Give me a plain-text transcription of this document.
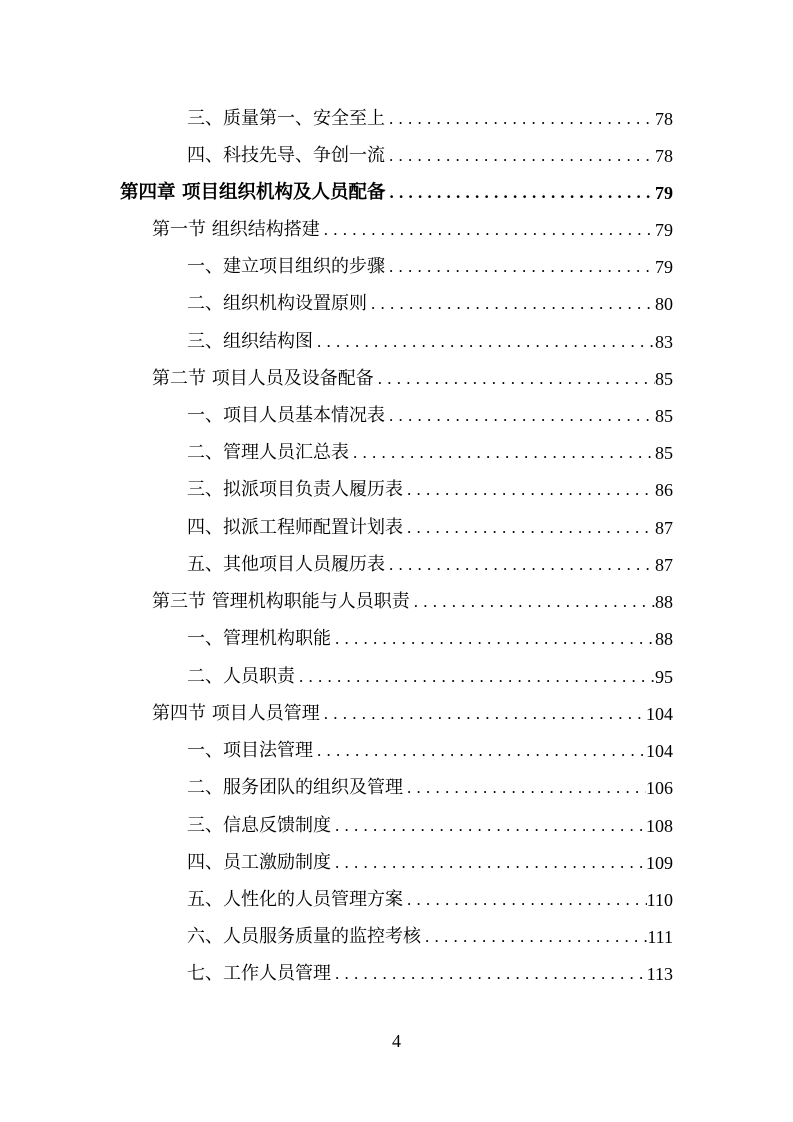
三、质量第一、安全至上 . . .	78
四、科技先导、争创一流 . . .	78
第四章 项目组织机构及人员配备 . . .	79
第一节 组织结构搭建 . . .	79
一、建立项目组织的步骤 . . .	79
二、组织机构设置原则 . . .	80
三、组织结构图 . . .	83
第二节 项目人员及设备配备 . . .	85
一、项目人员基本情况表 . . .	85
二、管理人员汇总表 . . .	85
三、拟派项目负责人履历表 . . .	86
四、拟派工程师配置计划表 . . .	87
五、其他项目人员履历表 . . .	87
第三节 管理机构职能与人员职责 . . .	88
一、管理机构职能 . . .	88
二、人员职责 . . .	95
第四节 项目人员管理 . . .	104
一、项目法管理 . . .	104
二、服务团队的组织及管理 . . .	106
三、信息反馈制度 . . .	108
四、员工激励制度 . . .	109
五、人性化的人员管理方案 . . .	110
六、人员服务质量的监控考核 . . .	111
七、工作人员管理 . . .	113
4
